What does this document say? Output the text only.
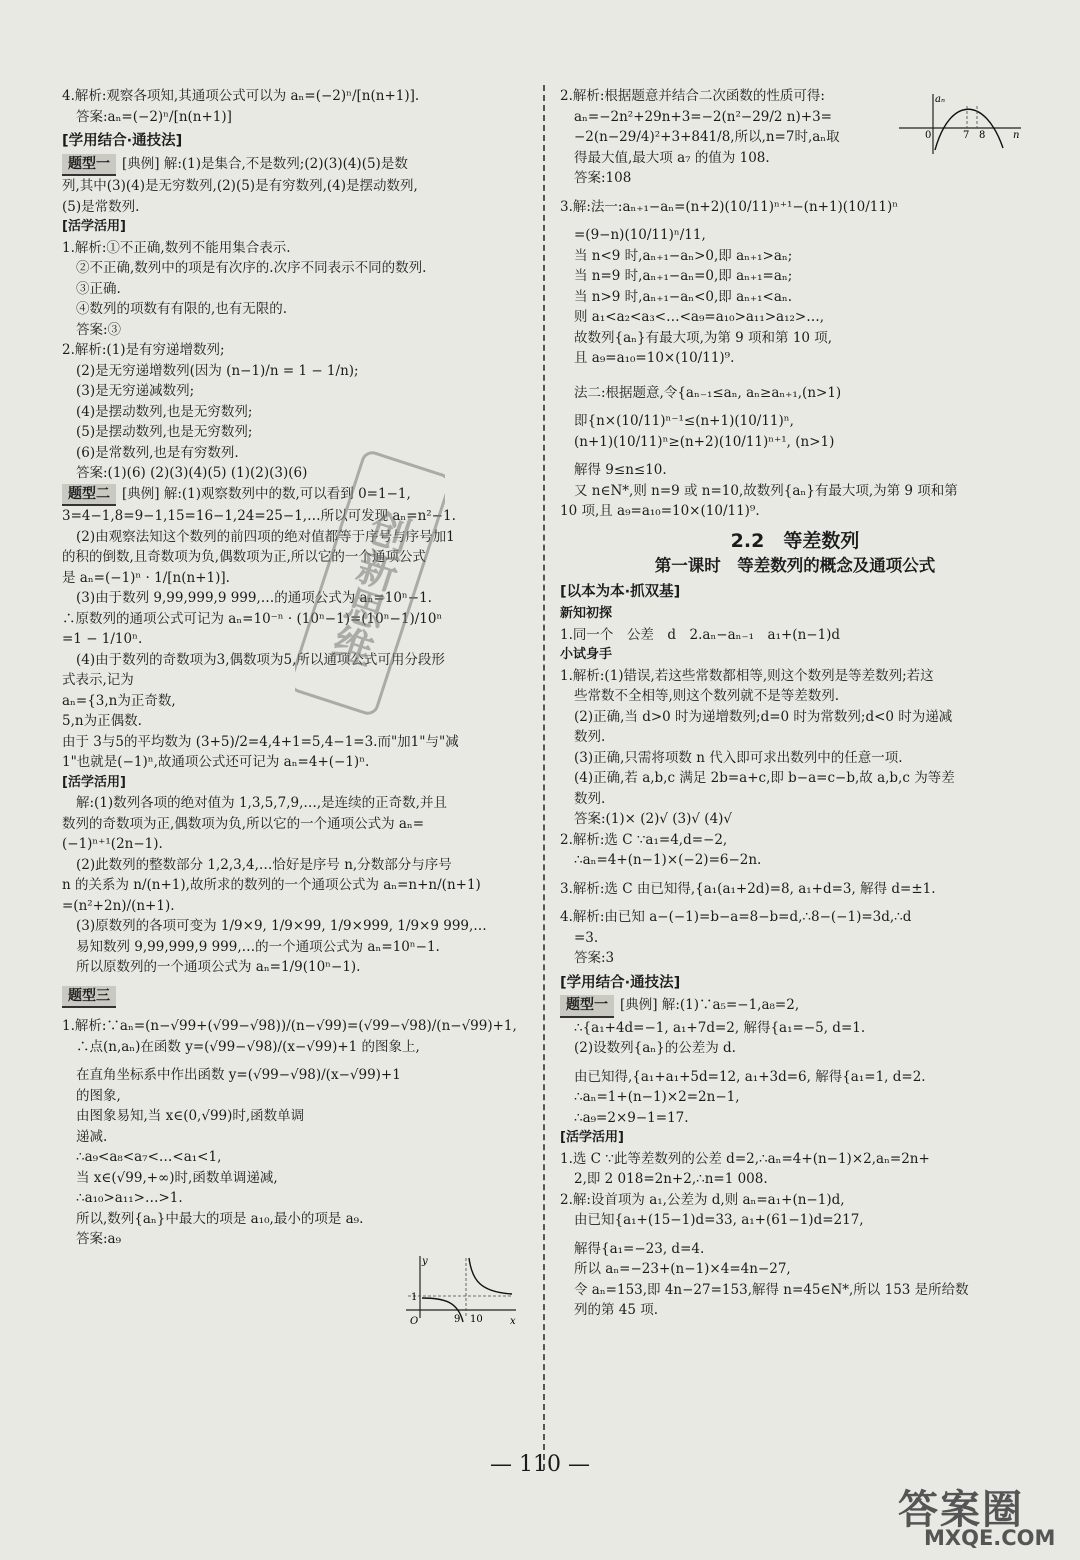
4.解析:观察各项知,其通项公式可以为 aₙ=(−2)ⁿ/[n(n+1)].
答案:aₙ=(−2)ⁿ/[n(n+1)]
[学用结合·通技法]
题型一 [典例] 解:(1)是集合,不是数列;(2)(3)(4)(5)是数
列,其中(3)(4)是无穷数列,(2)(5)是有穷数列,(4)是摆动数列,
(5)是常数列.
[活学活用]
1.解析:①不正确,数列不能用集合表示.
②不正确,数列中的项是有次序的.次序不同表示不同的数列.
③正确.
④数列的项数有有限的,也有无限的.
答案:③
2.解析:(1)是有穷递增数列;
(2)是无穷递增数列(因为 (n−1)/n = 1 − 1/n);
(3)是无穷递减数列;
(4)是摆动数列,也是无穷数列;
(5)是摆动数列,也是无穷数列;
(6)是常数列,也是有穷数列.
答案:(1)(6) (2)(3)(4)(5) (1)(2)(3)(6)
题型二 [典例] 解:(1)观察数列中的数,可以看到 0=1−1,
3=4−1,8=9−1,15=16−1,24=25−1,…所以可发现 aₙ=n²−1.
(2)由观察法知这个数列的前四项的绝对值都等于序号与序号加1
的积的倒数,且奇数项为负,偶数项为正,所以它的一个通项公式
是 aₙ=(−1)ⁿ · 1/[n(n+1)].
(3)由于数列 9,99,999,9 999,…的通项公式为 aₙ=10ⁿ−1.
∴原数列的通项公式可记为 aₙ=10⁻ⁿ · (10ⁿ−1)=(10ⁿ−1)/10ⁿ
=1 − 1/10ⁿ.
(4)由于数列的奇数项为3,偶数项为5,所以通项公式可用分段形
式表示,记为
aₙ={3,n为正奇数,
5,n为正偶数.
由于 3与5的平均数为 (3+5)/2=4,4+1=5,4−1=3.而"加1"与"减
1"也就是(−1)ⁿ,故通项公式还可记为 aₙ=4+(−1)ⁿ.
[活学活用]
解:(1)数列各项的绝对值为 1,3,5,7,9,…,是连续的正奇数,并且
数列的奇数项为正,偶数项为负,所以它的一个通项公式为 aₙ=
(−1)ⁿ⁺¹(2n−1).
(2)此数列的整数部分 1,2,3,4,…恰好是序号 n,分数部分与序号
n 的关系为 n/(n+1),故所求的数列的一个通项公式为 aₙ=n+n/(n+1)
=(n²+2n)/(n+1).
(3)原数列的各项可变为 1/9×9, 1/9×99, 1/9×999, 1/9×9 999,…
易知数列 9,99,999,9 999,…的一个通项公式为 aₙ=10ⁿ−1.
所以原数列的一个通项公式为 aₙ=1/9(10ⁿ−1).
题型三
1.解析:∵aₙ=(n−√99+(√99−√98))/(n−√99)=(√99−√98)/(n−√99)+1,
∴点(n,aₙ)在函数 y=(√99−√98)/(x−√99)+1 的图象上,
在直角坐标系中作出函数 y=(√99−√98)/(x−√99)+1
的图象,
由图象易知,当 x∈(0,√99)时,函数单调
递减.
∴a₉<a₈<a₇<…<a₁<1,
当 x∈(√99,+∞)时,函数单调递减,
∴a₁₀>a₁₁>…>1.
所以,数列{aₙ}中最大的项是 a₁₀,最小的项是 a₉.
答案:a₉
y
x
O
1
9 10
2.解析:根据题意并结合二次函数的性质可得:
aₙ=−2n²+29n+3=−2(n²−29/2 n)+3=
−2(n−29/4)²+3+841/8,所以,n=7时,aₙ取
得最大值,最大项 a₇ 的值为 108.
答案:108
3.解:法一:aₙ₊₁−aₙ=(n+2)(10/11)ⁿ⁺¹−(n+1)(10/11)ⁿ
=(9−n)(10/11)ⁿ/11,
当 n<9 时,aₙ₊₁−aₙ>0,即 aₙ₊₁>aₙ;
当 n=9 时,aₙ₊₁−aₙ=0,即 aₙ₊₁=aₙ;
当 n>9 时,aₙ₊₁−aₙ<0,即 aₙ₊₁<aₙ.
则 a₁<a₂<a₃<…<a₉=a₁₀>a₁₁>a₁₂>…,
故数列{aₙ}有最大项,为第 9 项和第 10 项,
且 a₉=a₁₀=10×(10/11)⁹.
法二:根据题意,令{aₙ₋₁≤aₙ, aₙ≥aₙ₊₁,(n>1)
即{n×(10/11)ⁿ⁻¹≤(n+1)(10/11)ⁿ,
(n+1)(10/11)ⁿ≥(n+2)(10/11)ⁿ⁺¹, (n>1)
解得 9≤n≤10.
又 n∈N*,则 n=9 或 n=10,故数列{aₙ}有最大项,为第 9 项和第
10 项,且 a₉=a₁₀=10×(10/11)⁹.
2.2　等差数列
第一课时　等差数列的概念及通项公式
[以本为本·抓双基]
新知初探
1.同一个　公差　d　2.aₙ−aₙ₋₁　a₁+(n−1)d
小试身手
1.解析:(1)错误,若这些常数都相等,则这个数列是等差数列;若这
些常数不全相等,则这个数列就不是等差数列.
(2)正确,当 d>0 时为递增数列;d=0 时为常数列;d<0 时为递减
数列.
(3)正确,只需将项数 n 代入即可求出数列中的任意一项.
(4)正确,若 a,b,c 满足 2b=a+c,即 b−a=c−b,故 a,b,c 为等差
数列.
答案:(1)× (2)√ (3)√ (4)√
2.解析:选 C ∵a₁=4,d=−2,
∴aₙ=4+(n−1)×(−2)=6−2n.
3.解析:选 C 由已知得,{a₁(a₁+2d)=8, a₁+d=3, 解得 d=±1.
4.解析:由已知 a−(−1)=b−a=8−b=d,∴8−(−1)=3d,∴d
=3.
答案:3
[学用结合·通技法]
题型一 [典例] 解:(1)∵a₅=−1,a₈=2,
∴{a₁+4d=−1, a₁+7d=2, 解得{a₁=−5, d=1.
(2)设数列{aₙ}的公差为 d.
由已知得,{a₁+a₁+5d=12, a₁+3d=6, 解得{a₁=1, d=2.
∴aₙ=1+(n−1)×2=2n−1,
∴a₉=2×9−1=17.
[活学活用]
1.选 C ∵此等差数列的公差 d=2,∴aₙ=4+(n−1)×2,aₙ=2n+
2,即 2 018=2n+2,∴n=1 008.
2.解:设首项为 a₁,公差为 d,则 aₙ=a₁+(n−1)d,
由已知{a₁+(15−1)d=33, a₁+(61−1)d=217,
解得{a₁=−23, d=4.
所以 aₙ=−23+(n−1)×4=4n−27,
令 aₙ=153,即 4n−27=153,解得 n=45∈N*,所以 153 是所给数
列的第 45 项.
aₙ
0	7 8	n
创新思维
— 110 —
答案圈
MXQE.COM
